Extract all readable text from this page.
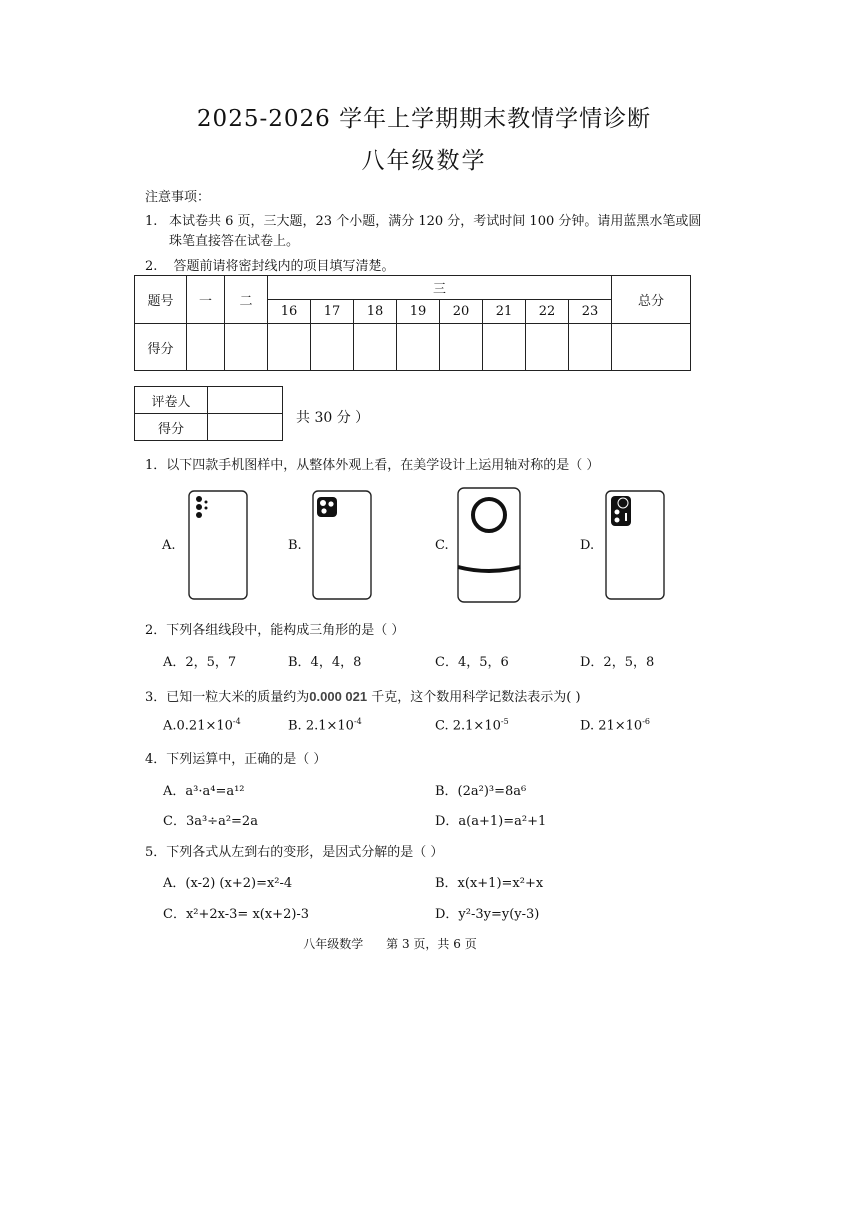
2025-2026 学年上学期期末教情学情诊断
八年级数学
注意事项：
1. 本试卷共 6 页，三大题，23 个小题，满分 120 分，考试时间 100 分钟。请用蓝黑水笔或圆珠笔直接答在试卷上。
2. 答题前请将密封线内的项目填写清楚。
题号	一	二	三								总分
			16	17	18	19	20	21	22	23	
得分											
评卷人	
得分	
共 30 分 ）
1．以下四款手机图样中，从整体外观上看，在美学设计上运用轴对称的是（ ）
A.	B.	C.	D.
2．下列各组线段中，能构成三角形的是（ ）
A．2，5，7	B．4，4，8	C．4，5，6	D．2，5，8
3．已知一粒大米的质量约为0.000 021 千克，这个数用科学记数法表示为( )
$A.0.21\times 10^{-4}$	B. $2.1\times 10^{-4}$	C. $2.1\times 10^{-5}$	D. $21\times 10^{-6}$
4．下列运算中，正确的是（ ）
A．a³·a⁴=a¹²	B．(2a²)³=8a⁶
C．3a³÷a²=2a	D．a(a+1)=a²+1
5．下列各式从左到右的变形，是因式分解的是（ ）
A．(x-2) (x+2)=x²-4	B．x(x+1)=x²+x
C．x²+2x-3= x(x+2)-3	D．y²-3y=y(y-3)
八年级数学      第 3 页，共 6 页
